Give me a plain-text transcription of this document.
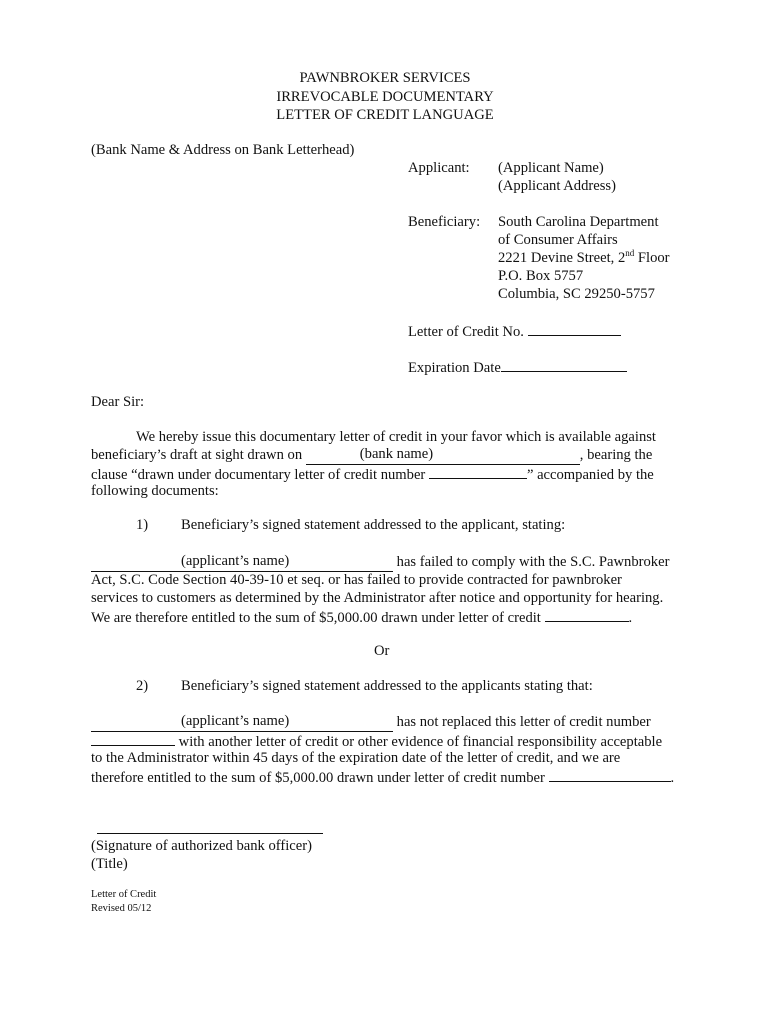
PAWNBROKER SERVICES
IRREVOCABLE DOCUMENTARY
LETTER OF CREDIT LANGUAGE
(Bank Name & Address on Bank Letterhead)
Applicant: (Applicant Name)
(Applicant Address)
Beneficiary: South Carolina Department
of Consumer Affairs
2221 Devine Street, 2nd Floor
P.O. Box 5757
Columbia, SC 29250-5757
Letter of Credit No.
Expiration Date
Dear Sir:
We hereby issue this documentary letter of credit in your favor which is available against
beneficiary’s draft at sight drawn on	(bank name)	, bearing the
clause “drawn under documentary letter of credit number	” accompanied by the
following documents:
1) Beneficiary’s signed statement addressed to the applicant, stating:
(applicant’s name)	has failed to comply with the S.C. Pawnbroker
Act, S.C. Code Section 40-39-10 et seq. or has failed to provide contracted for pawnbroker
services to customers as determined by the Administrator after notice and opportunity for hearing.
We are therefore entitled to the sum of $5,000.00 drawn under letter of credit	.
Or
2) Beneficiary’s signed statement addressed to the applicants stating that:
(applicant’s name)	has not replaced this letter of credit number
with another letter of credit or other evidence of financial responsibility acceptable
to the Administrator within 45 days of the expiration date of the letter of credit, and we are
therefore entitled to the sum of $5,000.00 drawn under letter of credit number	.
(Signature of authorized bank officer)
(Title)
Letter of Credit
Revised 05/12
